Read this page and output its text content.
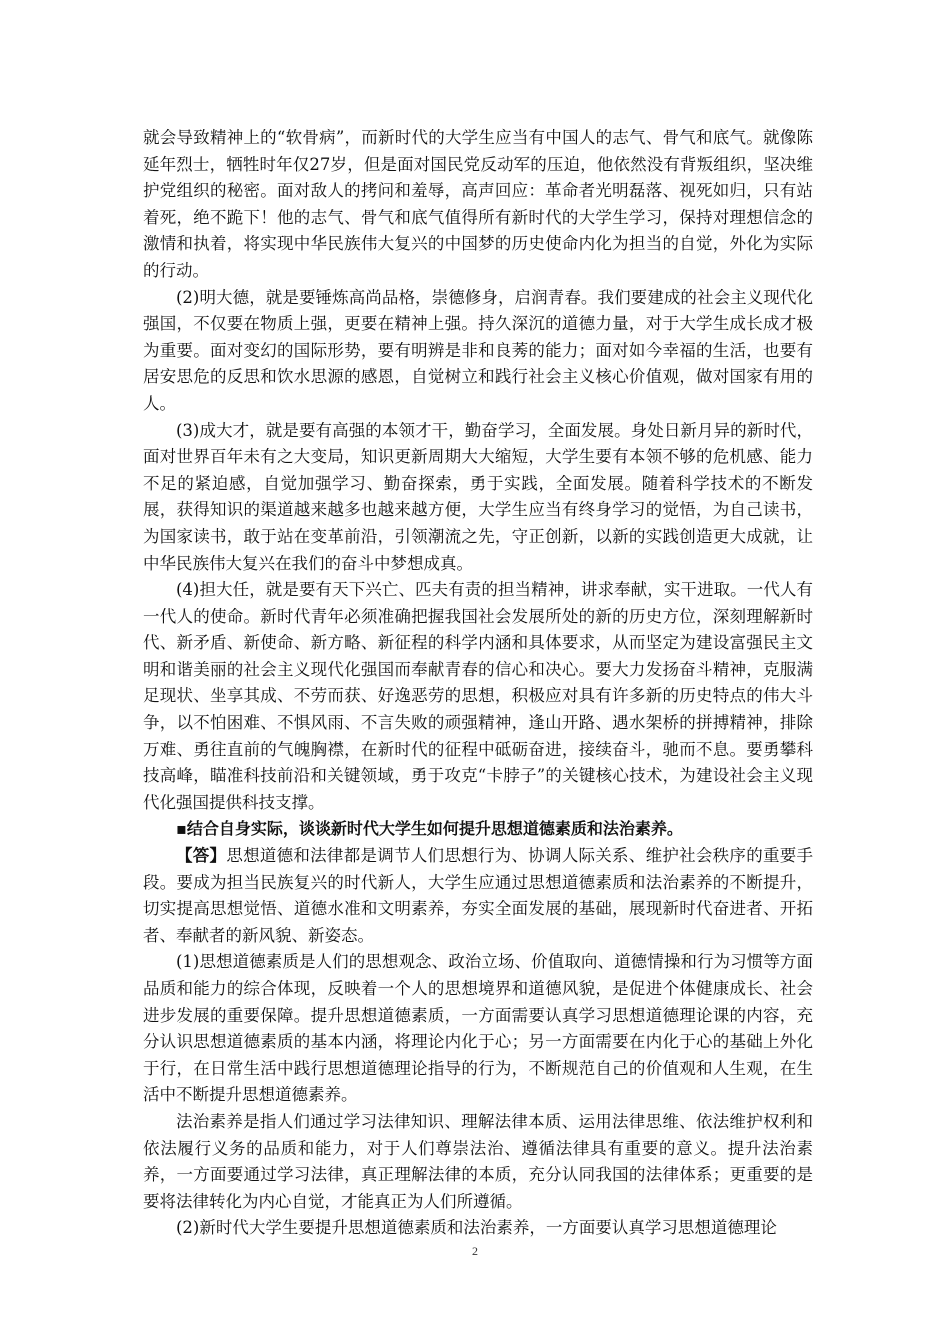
就会导致精神上的“软骨病”，而新时代的大学生应当有中国人的志气、骨气和底气。就像陈延年烈士，牺牲时年仅27岁，但是面对国民党反动军的压迫，他依然没有背叛组织，坚决维护党组织的秘密。面对敌人的拷问和羞辱，高声回应：革命者光明磊落、视死如归，只有站着死，绝不跪下！他的志气、骨气和底气值得所有新时代的大学生学习，保持对理想信念的激情和执着，将实现中华民族伟大复兴的中国梦的历史使命内化为担当的自觉，外化为实际的行动。

(2)明大德，就是要锤炼高尚品格，崇德修身，启润青春。我们要建成的社会主义现代化强国，不仅要在物质上强，更要在精神上强。持久深沉的道德力量，对于大学生成长成才极为重要。面对变幻的国际形势，要有明辨是非和良莠的能力；面对如今幸福的生活，也要有居安思危的反思和饮水思源的感恩，自觉树立和践行社会主义核心价值观，做对国家有用的人。

(3)成大才，就是要有高强的本领才干，勤奋学习，全面发展。身处日新月异的新时代，面对世界百年未有之大变局，知识更新周期大大缩短，大学生要有本领不够的危机感、能力不足的紧迫感，自觉加强学习、勤奋探索，勇于实践，全面发展。随着科学技术的不断发展，获得知识的渠道越来越多也越来越方便，大学生应当有终身学习的觉悟，为自己读书，为国家读书，敢于站在变革前沿，引领潮流之先，守正创新，以新的实践创造更大成就，让中华民族伟大复兴在我们的奋斗中梦想成真。

(4)担大任，就是要有天下兴亡、匹夫有责的担当精神，讲求奉献，实干进取。一代人有一代人的使命。新时代青年必须准确把握我国社会发展所处的新的历史方位，深刻理解新时代、新矛盾、新使命、新方略、新征程的科学内涵和具体要求，从而坚定为建设富强民主文明和谐美丽的社会主义现代化强国而奉献青春的信心和决心。要大力发扬奋斗精神，克服满足现状、坐享其成、不劳而获、好逸恶劳的思想，积极应对具有许多新的历史特点的伟大斗争，以不怕困难、不惧风雨、不言失败的顽强精神，逢山开路、遇水架桥的拼搏精神，排除万难、勇往直前的气魄胸襟，在新时代的征程中砥砺奋进，接续奋斗，驰而不息。要勇攀科技高峰，瞄准科技前沿和关键领域，勇于攻克“卡脖子”的关键核心技术，为建设社会主义现代化强国提供科技支撑。

▪结合自身实际，谈谈新时代大学生如何提升思想道德素质和法治素养。

【答】思想道德和法律都是调节人们思想行为、协调人际关系、维护社会秩序的重要手段。要成为担当民族复兴的时代新人，大学生应通过思想道德素质和法治素养的不断提升，切实提高思想觉悟、道德水准和文明素养，夯实全面发展的基础，展现新时代奋进者、开拓者、奉献者的新风貌、新姿态。

(1)思想道德素质是人们的思想观念、政治立场、价值取向、道德情操和行为习惯等方面品质和能力的综合体现，反映着一个人的思想境界和道德风貌，是促进个体健康成长、社会进步发展的重要保障。提升思想道德素质，一方面需要认真学习思想道德理论课的内容，充分认识思想道德素质的基本内涵，将理论内化于心；另一方面需要在内化于心的基础上外化于行，在日常生活中践行思想道德理论指导的行为，不断规范自己的价值观和人生观，在生活中不断提升思想道德素养。

法治素养是指人们通过学习法律知识、理解法律本质、运用法律思维、依法维护权利和依法履行义务的品质和能力，对于人们尊崇法治、遵循法律具有重要的意义。提升法治素养，一方面要通过学习法律，真正理解法律的本质，充分认同我国的法律体系；更重要的是要将法律转化为内心自觉，才能真正为人们所遵循。

(2)新时代大学生要提升思想道德素质和法治素养，一方面要认真学习思想道德理论

2
